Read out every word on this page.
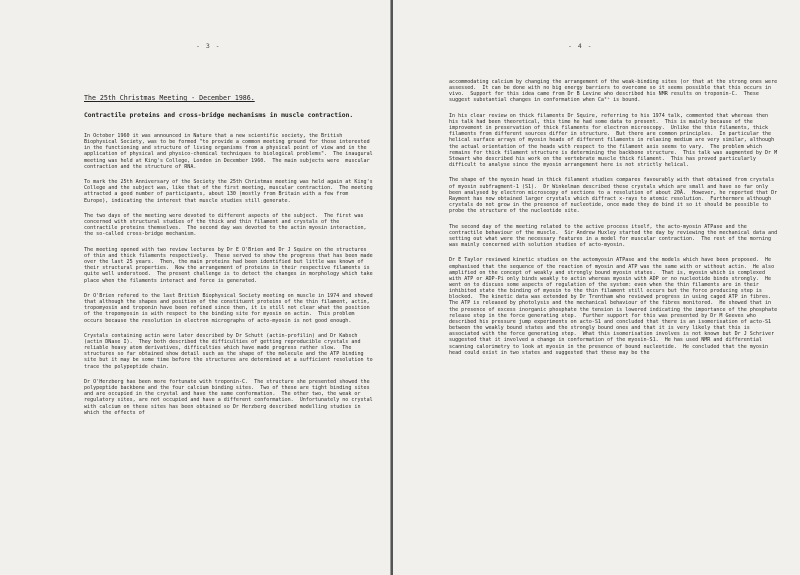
- 3 -
The 25th Christmas Meeting - December 1986.
Contractile proteins and cross-bridge mechanisms in muscle contraction.

In October 1960 it was announced in Nature that a new scientific society, the British Biophysical Society, was to be formed "to provide a common meeting ground for those interested in the functioning and structure of living organisms from a physical point of view and in the application of physical and physico-chemical techniques to biological problems".  The inaugural meeting was held at King's College, London in December 1960.  The main subjects were  muscular contraction and the structure of RNA.

To mark the 25th Anniversary of the Society the 25th Christmas meeting was held again at King's College and the subject was, like that of the first meeting, muscular contraction.  The meeting attracted a good number of participants, about 130 (mostly from Britain with a few from Europe), indicating the interest that muscle studies still generate.

The two days of the meeting were devoted to different aspects of the subject.  The first was concerned with structural studies of the thick and thin filament and crystals of the contractile proteins themselves.  The second day was devoted to the actin myosin interaction, the so-called cross-bridge mechanism.

The meeting opened with two review lectures by Dr E O'Brien and Dr J Squire on the structures of thin and thick filaments respectively.  These served to show the progress that has been made over the last 25 years.  Then, the main proteins had been identified but little was known of their structural properties.  Now the arrangement of proteins in their respective filaments is quite well understood.  The present challenge is to detect the changes in morphology which take place when the filaments interact and force is generated.

Dr O'Brien refered to the last British Biophysical Society meeting on muscle in 1974 and showed that although the shapes and position of the constituent proteins of the thin filament, actin, tropomyosin and troponin have been refined since then, it is still not clear what the position of the tropomyosin is with respect to the binding site for myosin on actin.  This problem occurs because the resolution in electron micrographs of acto-myosin is not good enough.

Crystals containing actin were later described by Dr Schutt (actin-profilin) and Dr Kabsch (actin DNase I).  They both described the difficulties of getting reproducible crystals and reliable heavy atom derivatives, difficulties which have made progress rather slow.  The structures so far obtained show detail such as the shape of the molecule and the ATP binding site but it may be some time before the structures are determined at a sufficient resolution to trace the polypeptide chain.

Dr O'Herzberg has been more fortunate with troponin-C.  The structure she presented showed the polypeptide backbone and the four calcium binding sites.  Two of these are tight binding sites and are occupied in the crystal and have the same conformation.  The other two, the weak or regulatory sites, are not occupied and have a different conformation.  Unfortunately no crystal with calcium on these sites has been obtained so Dr Herzberg described modelling studies in which the effects of

- 4 -

accommodating calcium by changing the arrangement of the weak-binding sites (or that at the strong ones were assessed.  It can be done with no big energy barriers to overcome so it seems possible that this occurs in vivo.  Support for this idea came from Dr B Levine who described his NMR results on troponin-C.  These suggest substantial changes in conformation when Ca²⁺ is bound.

In his clear review on thick filaments Dr Squire, referring to his 1974 talk, commented that whereas then his talk had been theoretical, this time he had some data to present.  This is mainly because of the improvement in preservation of thick filaments for electron microscopy.  Unlike the thin filaments, thick filaments from different sources differ in structure.  But there are common principles.  In particular the helical surface arrays of myosin heads of different filaments in relaxing medium are very similar, although the actual orientation of the heads with respect to the filament axis seems to vary.  The problem which remains for thick filament structure is determining the backbone structure.  This talk was augmented by Dr M Stewart who described his work on the vertebrate muscle thick filament.  This has proved particularly difficult to analyse since the myosin arrangement here is not strictly helical.

The shape of the myosin head in thick filament studies compares favourably with that obtained from crystals of myosin subfragment-1 (S1).  Dr Winkelman described these crystals which are small and have so far only been analysed by electron microscopy of sections to a resolution of about 20Å.  However, he reported that Dr Rayment has now obtained larger crystals which diffract x-rays to atomic resolution.  Furthermore although crystals do not grow in the presence of nucleotide, once made they do bind it so it should be possible to probe the structure of the nucleotide site.

The second day of the meeting related to the active process itself, the acto-myosin ATPase and the contractile behaviour of the muscle.  Sir Andrew Huxley started the day by reviewing the mechanical data and setting out what were the necessary features in a model for muscular contraction.  The rest of the morning was mainly concerned with solution studies of acto-myosin.

Dr E Taylor reviewed kinetic studies on the actomyosin ATPase and the models which have been proposed.  He emphasised that the sequence of the reaction of myosin and ATP was the same with or without actin.  He also amplified on the concept of weakly and strongly bound myosin states.  That is, myosin which is complexed with ATP or ADP-Pi only binds weakly to actin whereas myosin with ADP or no nucleotide binds strongly.  He went on to discuss some aspects of regulation of the system: even when the thin filaments are in their inhibited state the binding of myosin to the thin filament still occurs but the force producing step is blocked.  The kinetic data was extended by Dr Trentham who reviewed progress in using caged ATP in fibres.  The ATP is released by photolysis and the mechanical behaviour of the fibres monitored.  He showed that in the presence of excess inorganic phosphate the tension is lowered indicating the importance of the phosphate release step in the force generating step.  Further support for this was presented by Dr M Geeves who described his pressure jump experiments on acto-S1 and concluded that there is an isomerisation of acto-S1 between the weakly bound states and the strongly bound ones and that it is very likely that this is associated with the force generating step.  What this isomerisation involves is not known but Dr J Schriver suggested that it involved a change in conformation of the myosin-S1.  He has used NMR and differential scanning calorimetry to look at myosin in the presence of bound nucleotide.  He concluded that the myosin head could exist in two states and suggested that these may be the
